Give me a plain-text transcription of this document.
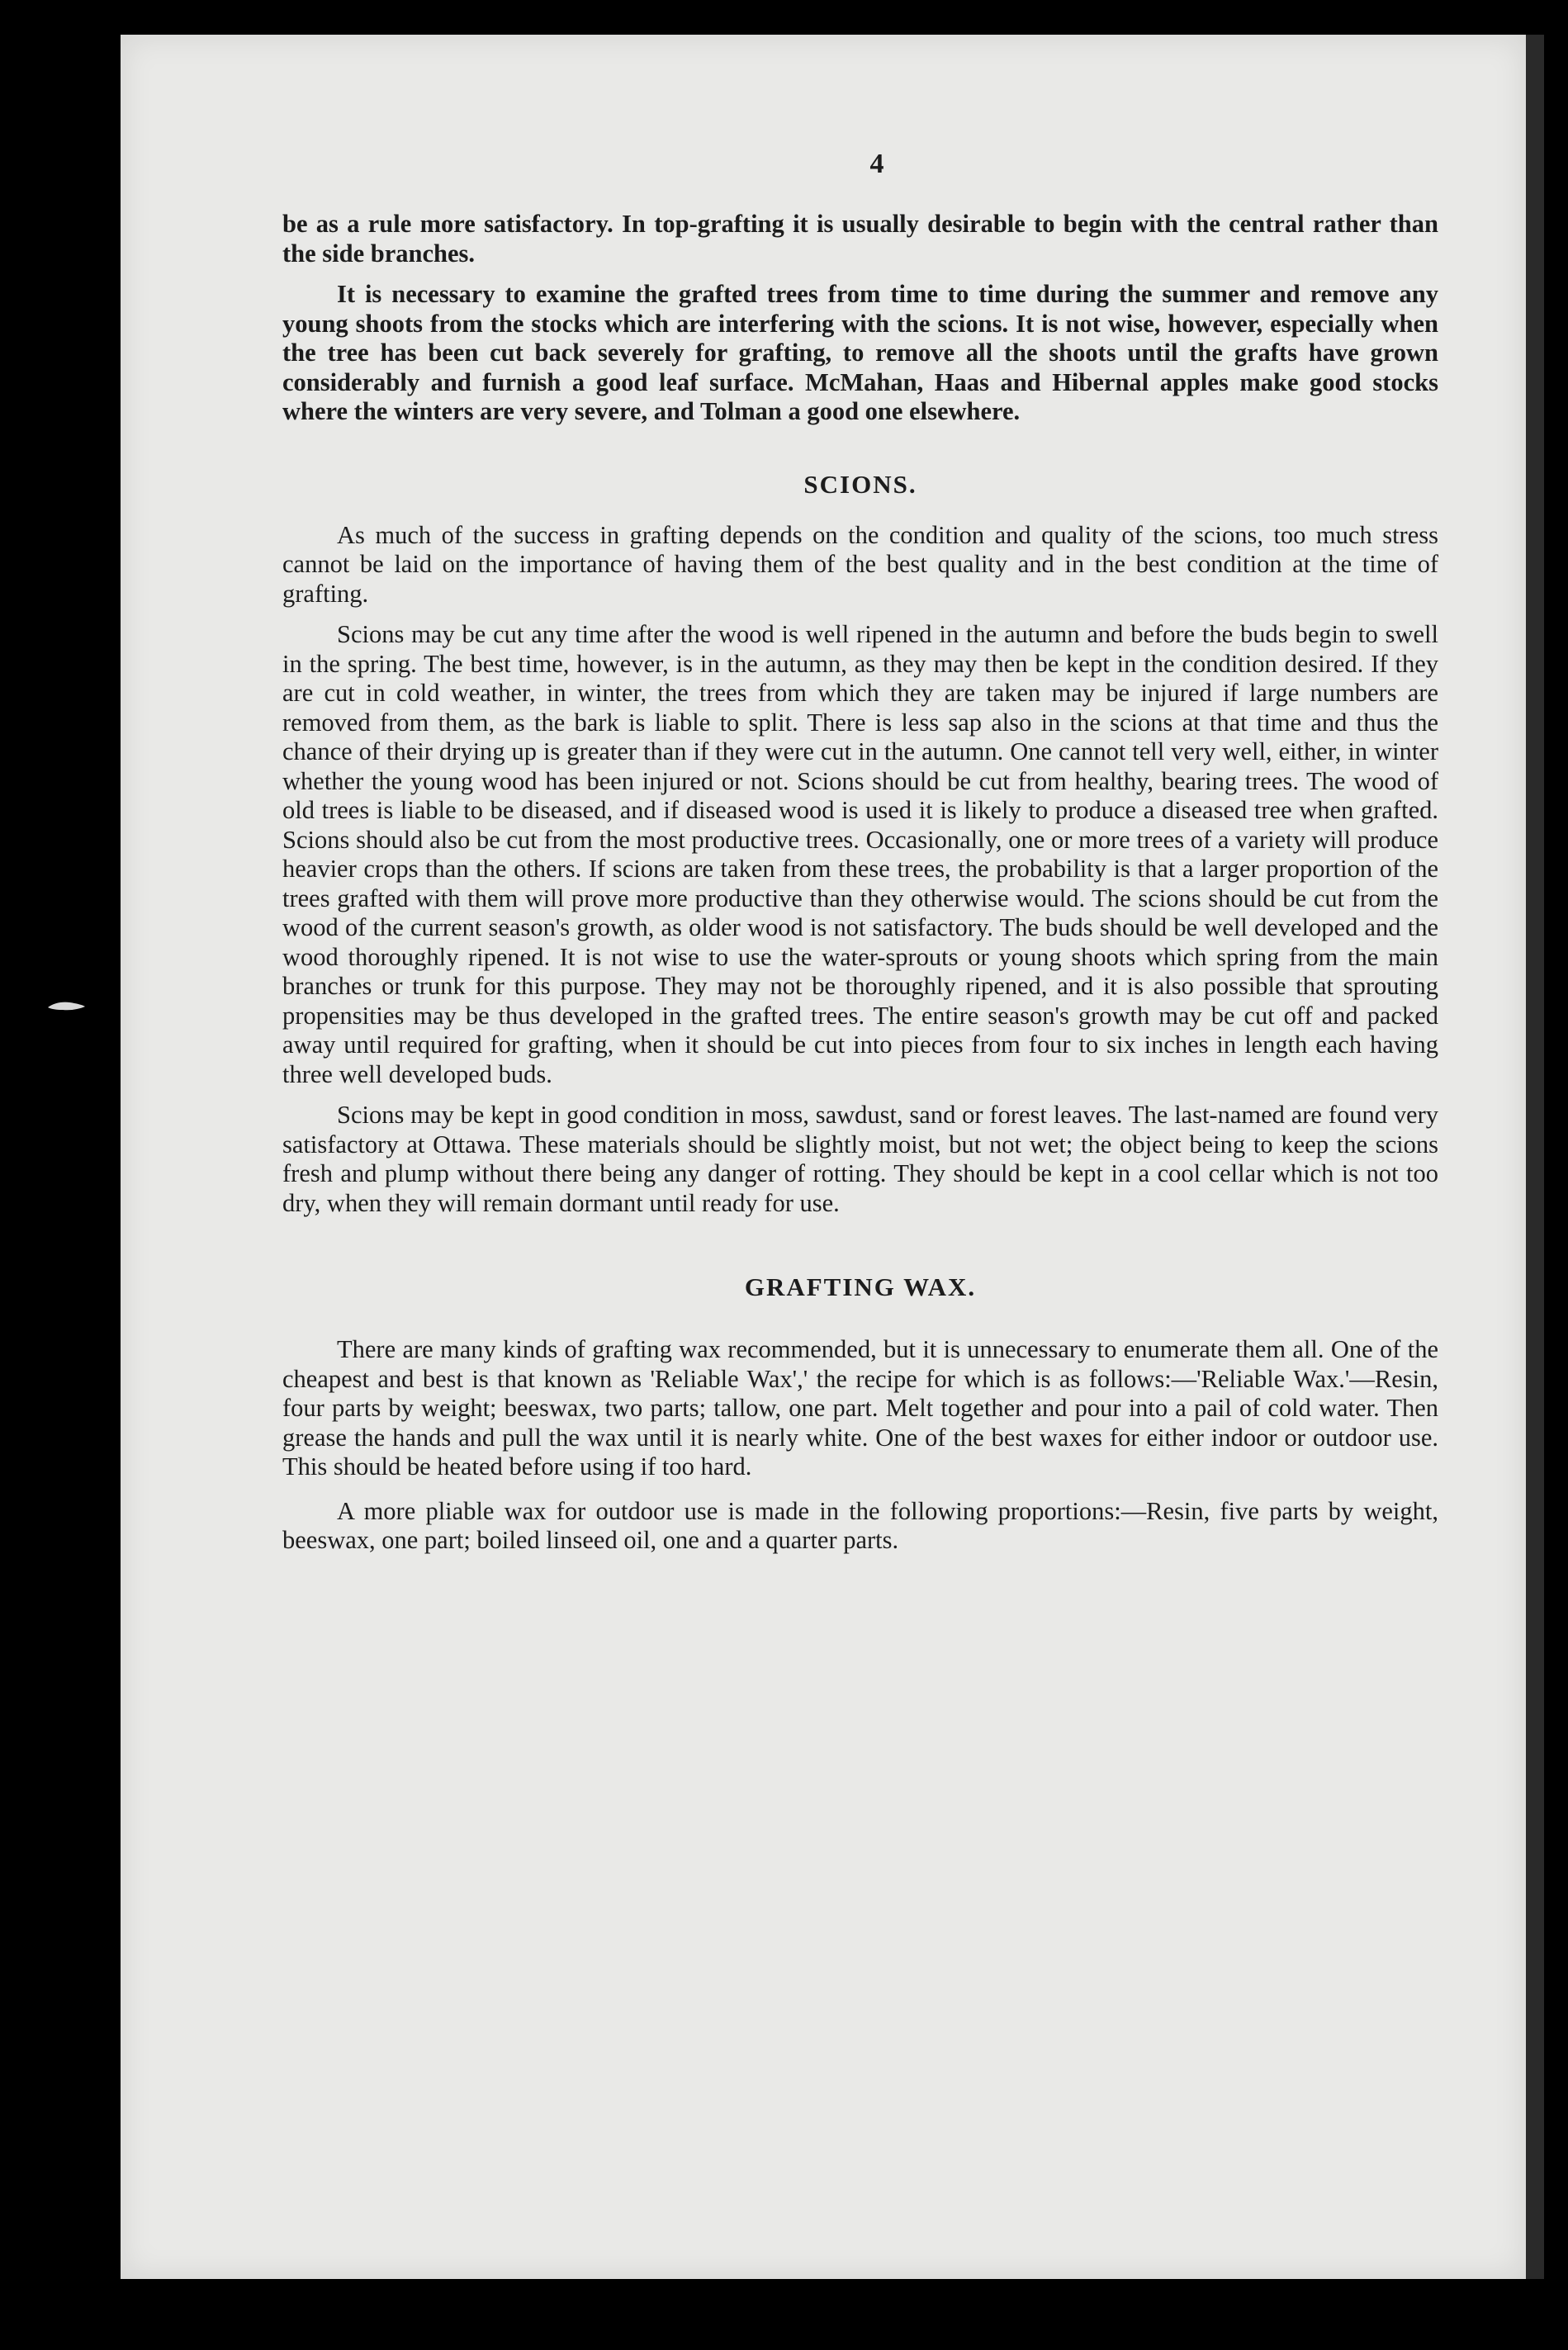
4

be as a rule more satisfactory. In top-grafting it is usually desirable to begin with the central rather than the side branches.

It is necessary to examine the grafted trees from time to time during the summer and remove any young shoots from the stocks which are interfering with the scions. It is not wise, however, especially when the tree has been cut back severely for grafting, to remove all the shoots until the grafts have grown considerably and furnish a good leaf surface. McMahan, Haas and Hibernal apples make good stocks where the winters are very severe, and Tolman a good one elsewhere.

SCIONS.

As much of the success in grafting depends on the condition and quality of the scions, too much stress cannot be laid on the importance of having them of the best quality and in the best condition at the time of grafting.

Scions may be cut any time after the wood is well ripened in the autumn and before the buds begin to swell in the spring. The best time, however, is in the autumn, as they may then be kept in the condition desired. If they are cut in cold weather, in winter, the trees from which they are taken may be injured if large numbers are removed from them, as the bark is liable to split. There is less sap also in the scions at that time and thus the chance of their drying up is greater than if they were cut in the autumn. One cannot tell very well, either, in winter whether the young wood has been injured or not. Scions should be cut from healthy, bearing trees. The wood of old trees is liable to be diseased, and if diseased wood is used it is likely to produce a diseased tree when grafted. Scions should also be cut from the most productive trees. Occasionally, one or more trees of a variety will produce heavier crops than the others. If scions are taken from these trees, the probability is that a larger proportion of the trees grafted with them will prove more productive than they otherwise would. The scions should be cut from the wood of the current season's growth, as older wood is not satisfactory. The buds should be well developed and the wood thoroughly ripened. It is not wise to use the water-sprouts or young shoots which spring from the main branches or trunk for this purpose. They may not be thoroughly ripened, and it is also possible that sprouting propensities may be thus developed in the grafted trees. The entire season's growth may be cut off and packed away until required for grafting, when it should be cut into pieces from four to six inches in length each having three well developed buds.

Scions may be kept in good condition in moss, sawdust, sand or forest leaves. The last-named are found very satisfactory at Ottawa. These materials should be slightly moist, but not wet; the object being to keep the scions fresh and plump without there being any danger of rotting. They should be kept in a cool cellar which is not too dry, when they will remain dormant until ready for use.

GRAFTING WAX.

There are many kinds of grafting wax recommended, but it is unnecessary to enumerate them all. One of the cheapest and best is that known as 'Reliable Wax',' the recipe for which is as follows:—'Reliable Wax.'—Resin, four parts by weight; beeswax, two parts; tallow, one part. Melt together and pour into a pail of cold water. Then grease the hands and pull the wax until it is nearly white. One of the best waxes for either indoor or outdoor use. This should be heated before using if too hard.

A more pliable wax for outdoor use is made in the following proportions:—Resin, five parts by weight, beeswax, one part; boiled linseed oil, one and a quarter parts.
